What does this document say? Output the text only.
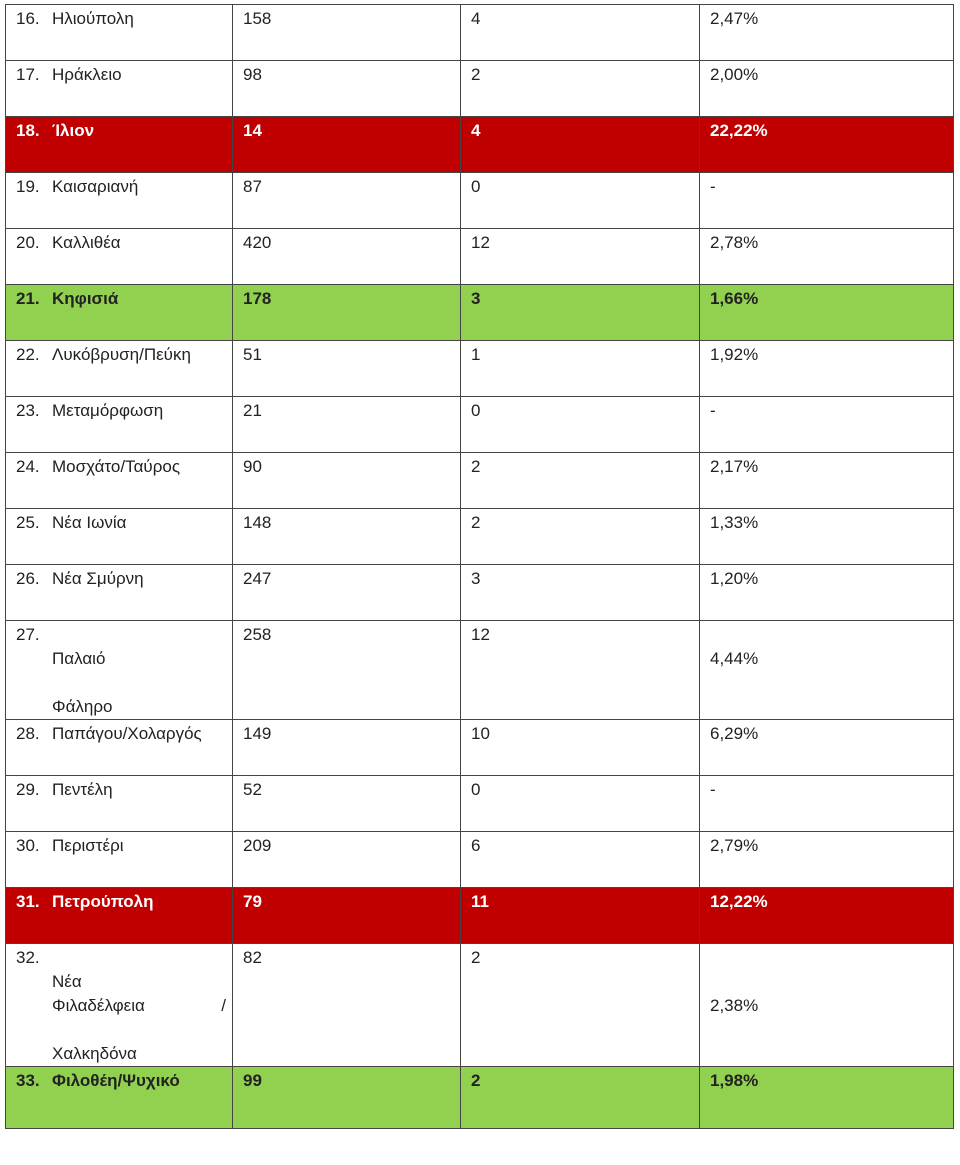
16. Ηλιούπολη	158	4	2,47%
17. Ηράκλειο	98	2	2,00%
18. Ίλιον	14	4	22,22%
19. Καισαριανή	87	0	-
20. Καλλιθέα	420	12	2,78%
21. Κηφισιά	178	3	1,66%
22. Λυκόβρυση/Πεύκη	51	1	1,92%
23. Μεταμόρφωση	21	0	-
24. Μοσχάτο/Ταύρος	90	2	2,17%
25. Νέα Ιωνία	148	2	1,33%
26. Νέα Σμύρνη	247	3	1,20%

27.

Παλαιό

Φάληρο	258	12	4,44%

28. Παπάγου/Χολαργός	149	10	6,29%
29. Πεντέλη	52	0	-
30. Περιστέρι	209	6	2,79%
31. Πετρούπολη	79	11	12,22%

32.

Νέα

Φιλαδέλφεια /

Χαλκηδόνα	82	2	2,38%

33. Φιλοθέη/Ψυχικό	99	2	1,98%
